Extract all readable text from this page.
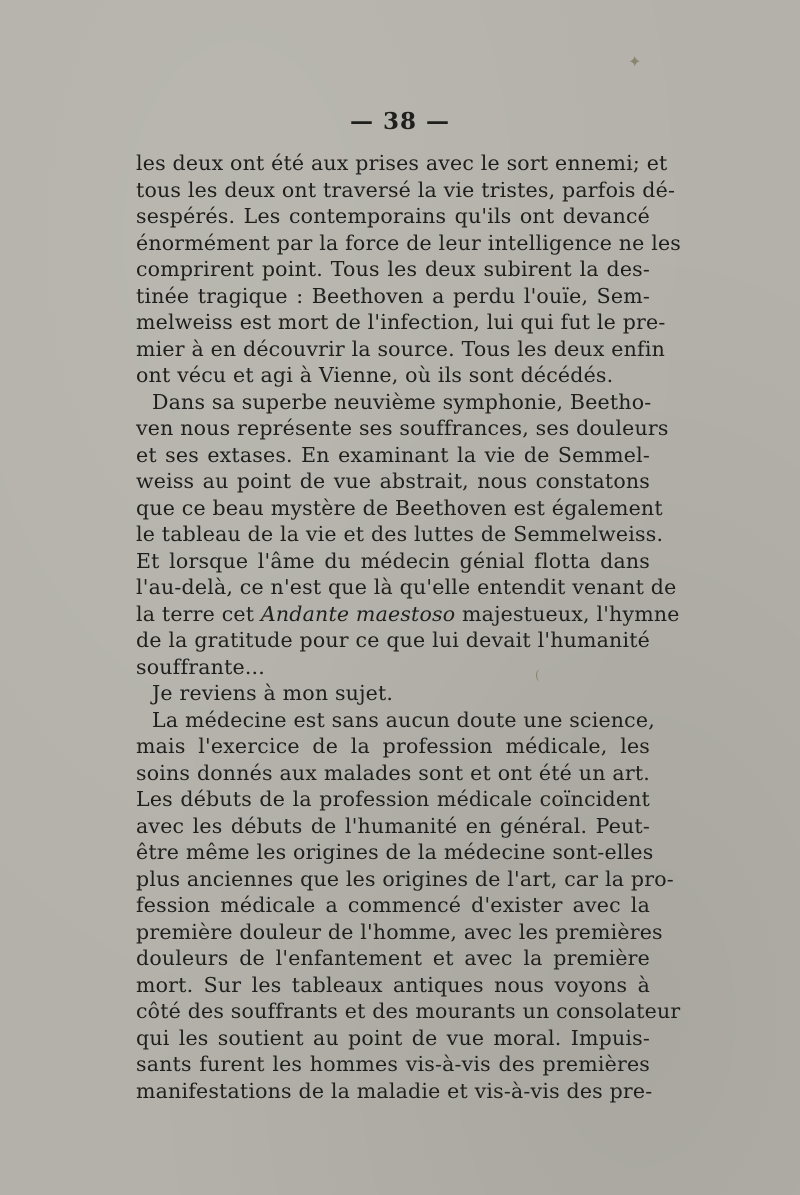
✦
(
— 38 —
les deux ont été aux prises avec le sort ennemi; et
tous les deux ont traversé la vie tristes, parfois dé-
sespérés. Les contemporains qu'ils ont devancé
énormément par la force de leur intelligence ne les
comprirent point. Tous les deux subirent la des-
tinée tragique : Beethoven a perdu l'ouïe, Sem-
melweiss est mort de l'infection, lui qui fut le pre-
mier à en découvrir la source. Tous les deux enfin
ont vécu et agi à Vienne, où ils sont décédés.
Dans sa superbe neuvième symphonie, Beetho-
ven nous représente ses souffrances, ses douleurs
et ses extases. En examinant la vie de Semmel-
weiss au point de vue abstrait, nous constatons
que ce beau mystère de Beethoven est également
le tableau de la vie et des luttes de Semmelweiss.
Et lorsque l'âme du médecin génial flotta dans
l'au-delà, ce n'est que là qu'elle entendit venant de
la terre cet Andante maestoso majestueux, l'hymne
de la gratitude pour ce que lui devait l'humanité
souffrante...
Je reviens à mon sujet.
La médecine est sans aucun doute une science,
mais l'exercice de la profession médicale, les
soins donnés aux malades sont et ont été un art.
Les débuts de la profession médicale coïncident
avec les débuts de l'humanité en général. Peut-
être même les origines de la médecine sont-elles
plus anciennes que les origines de l'art, car la pro-
fession médicale a commencé d'exister avec la
première douleur de l'homme, avec les premières
douleurs de l'enfantement et avec la première
mort. Sur les tableaux antiques nous voyons à
côté des souffrants et des mourants un consolateur
qui les soutient au point de vue moral. Impuis-
sants furent les hommes vis-à-vis des premières
manifestations de la maladie et vis-à-vis des pre-
